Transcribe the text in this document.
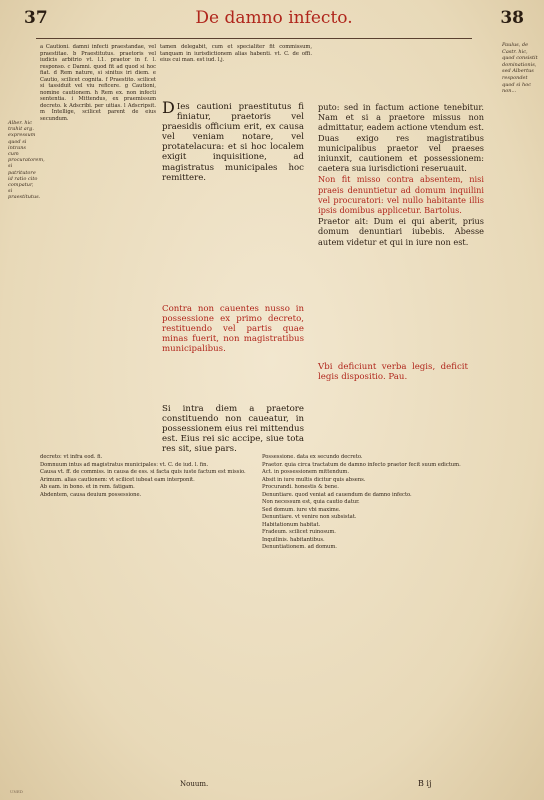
37	De damno infecto.	38
Alber. hic trahit arg. expressum quod si intrans cum procuratorem, si patritutore id ratio cito compatur, si praestitutus.
Paulus, de Castr. hic, quod consistit dominationis, sed Albertus respondet quod si hoc non...
a Cautioni. damni infecti praestandae, vel praestitae. b Praestitutus. praetoris vel iudicis arbitrio vt. l.1. praetor in f. l. responso. c Damni. quod fit ad quod si hoc fiat. d Rem nature, si sinitus iri diem. e Cautio, scilicet cognita. f Praestito. scilicet si tassiduit vel viu reficere. g Cautioni, nomine cautionem. h Rem ex. non infecti sententia. i Mittendus, ex praemissum decreto. k Adscribi. per uitias. l Adscripsit. m Intellige, scilicet parent de eius secundum.
tamen delegabit, cum et specialiter fit commissum, tanquam in iurisdictionem alias habenti. vt. C. de offi. eius cui man. est iud. l.j.
D Ies cautioni praestitutus fi finiatur, praetoris vel praesidis officium erit, ex causa vel veniam notare, vel protatelacura: et si hoc localem exigit inquisitione, ad magistratus municipales hoc remittere.

Contra non cauentes nusso in possessione ex primo decreto, restituendo vel partis quae minas fuerit, non magistratibus municipalibus.

Si intra diem a praetore constituendo non caueatur, in possessionem eius rei mittendus est. Eius rei sic accipe, siue tota res sit, siue pars.

puto: sed in factum actione tenebitur. Nam et si a praetore missus non admittatur, eadem actione vtendum est. Duas exigo res magistratibus municipalibus praetor vel praeses iniunxit, cautionem et possessionem: caetera sua iurisdictioni reseruauit.

Non fit misso contra absentem, nisi praeis denuntietur ad domum inquilini vel procuratori: vel nullo habitante illis ipsis domibus applicetur. Bartolus.

Praetor ait: Dum ei qui aberit, prius domum denuntiari iubebis. Abesse autem videtur et qui in iure non est.

Vbi deficiunt verba legis, deficit legis dispositio. Pau.

decreto: vt infra eod. fi.

Domnuum intus ad magistratus municipales: vt. C. de iud. l. fin.

Causa vt. ff. de commiss. in causa de ess. si facta quis iuste factum est missio.

Arimum. alias cautionem: vt scilicet iubeat eam interponit.

Ab eam. in bono. et in rem. fatigam.

Abdentem, causa deuium possessione.

Possessione. data ex secundo decreto.

Praetor. quia circa tractatum de damno infecto praetor fecit suum edictum.

Act. in possessionem mittendum.

Absit in iure multis dicitur quis absens.

Procurandi. honestis & bene.

Denuntiare. quod veniat ad cauendum de damno infecto.

Non necessum est, quia cautio datur.

Sed domum. iure vbi maxime.

Denuntiare. vt venire non subsistat.

Habitationum habitat.

Fradeum. scilicet ruinosum.

Inquilinis. habitantibus.

Denuntiationem. ad domum.

Nouum.	B ij
UNED
